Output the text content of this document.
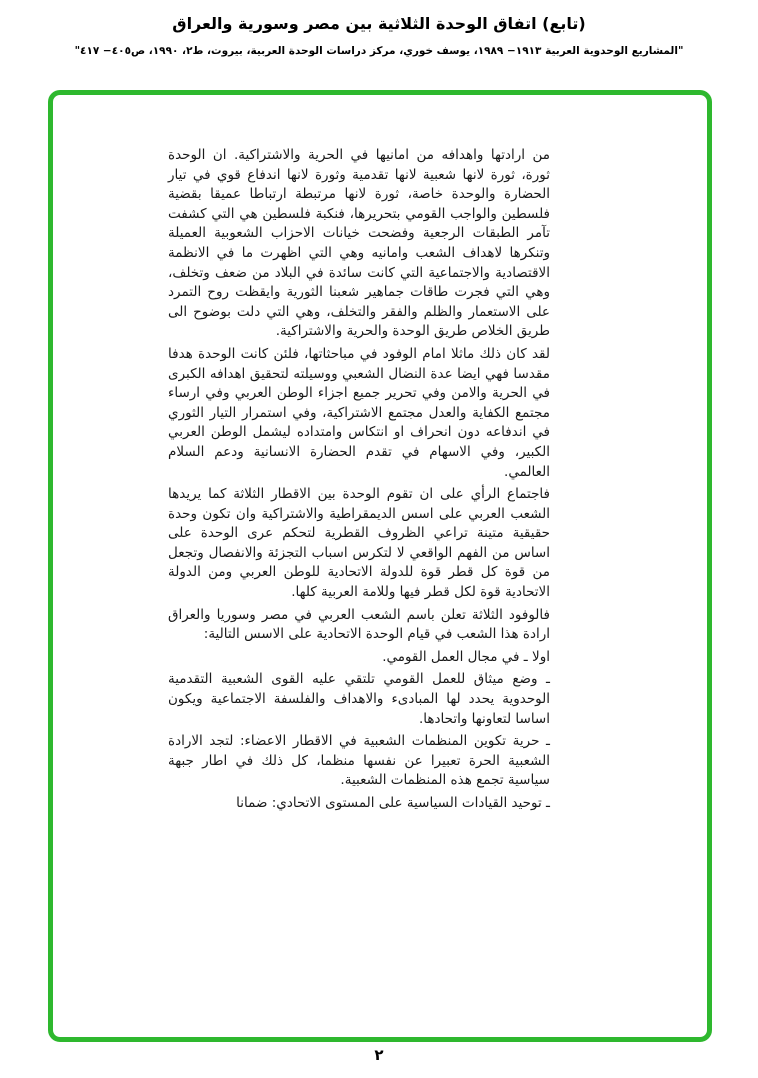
(تابع) اتفاق الوحدة الثلاثية بين مصر وسورية والعراق
"المشاريع الوحدوية العربية ١٩١٣− ١٩٨٩، يوسف خوري، مركز دراسات الوحدة العربية، بيروت، ط٢، ١٩٩٠، ص٤٠٥− ٤١٧"

من ارادتها واهدافه من امانيها في الحرية والاشتراكية. ان الوحدة ثورة، ثورة لانها شعبية لانها تقدمية وثورة لانها اندفاع قوي في تيار الحضارة والوحدة خاصة، ثورة لانها مرتبطة ارتباطا عميقا بقضية فلسطين والواجب القومي بتحريرها، فنكبة فلسطين هي التي كشفت تآمر الطبقات الرجعية وفضحت خيانات الاحزاب الشعوبية العميلة وتنكرها لاهداف الشعب وامانيه وهي التي اظهرت ما في الانظمة الاقتصادية والاجتماعية التي كانت سائدة في البلاد من ضعف وتخلف، وهي التي فجرت طاقات جماهير شعبنا الثورية وايقظت روح التمرد على الاستعمار والظلم والفقر والتخلف، وهي التي دلت بوضوح الى طريق الخلاص طريق الوحدة والحرية والاشتراكية.

لقد كان ذلك ماثلا امام الوفود في مباحثاتها، فلئن كانت الوحدة هدفا مقدسا فهي ايضا عدة النضال الشعبي ووسيلته لتحقيق اهدافه الكبرى في الحرية والامن وفي تحرير جميع اجزاء الوطن العربي وفي ارساء مجتمع الكفاية والعدل مجتمع الاشتراكية، وفي استمرار التيار الثوري في اندفاعه دون انحراف او انتكاس وامتداده ليشمل الوطن العربي الكبير، وفي الاسهام في تقدم الحضارة الانسانية ودعم السلام العالمي.

فاجتماع الرأي على ان تقوم الوحدة بين الاقطار الثلاثة كما يريدها الشعب العربي على اسس الديمقراطية والاشتراكية وان تكون وحدة حقيقية متينة تراعي الظروف القطرية لتحكم عرى الوحدة على اساس من الفهم الواقعي لا لتكرس اسباب التجزئة والانفصال وتجعل من قوة كل قطر قوة للدولة الاتحادية للوطن العربي ومن الدولة الاتحادية قوة لكل قطر فيها وللامة العربية كلها.

فالوفود الثلاثة تعلن باسم الشعب العربي في مصر وسوريا والعراق ارادة هذا الشعب في قيام الوحدة الاتحادية على الاسس التالية:

اولا ـ في مجال العمل القومي.

ـ وضع ميثاق للعمل القومي تلتقي عليه القوى الشعبية التقدمية الوحدوية يحدد لها المبادىء والاهداف والفلسفة الاجتماعية ويكون اساسا لتعاونها واتحادها.

ـ حرية تكوين المنظمات الشعبية في الاقطار الاعضاء: لتجد الارادة الشعبية الحرة تعبيرا عن نفسها منظما، كل ذلك في اطار جبهة سياسية تجمع هذه المنظمات الشعبية.

ـ توحيد القيادات السياسية على المستوى الاتحادي: ضمانا

٢
